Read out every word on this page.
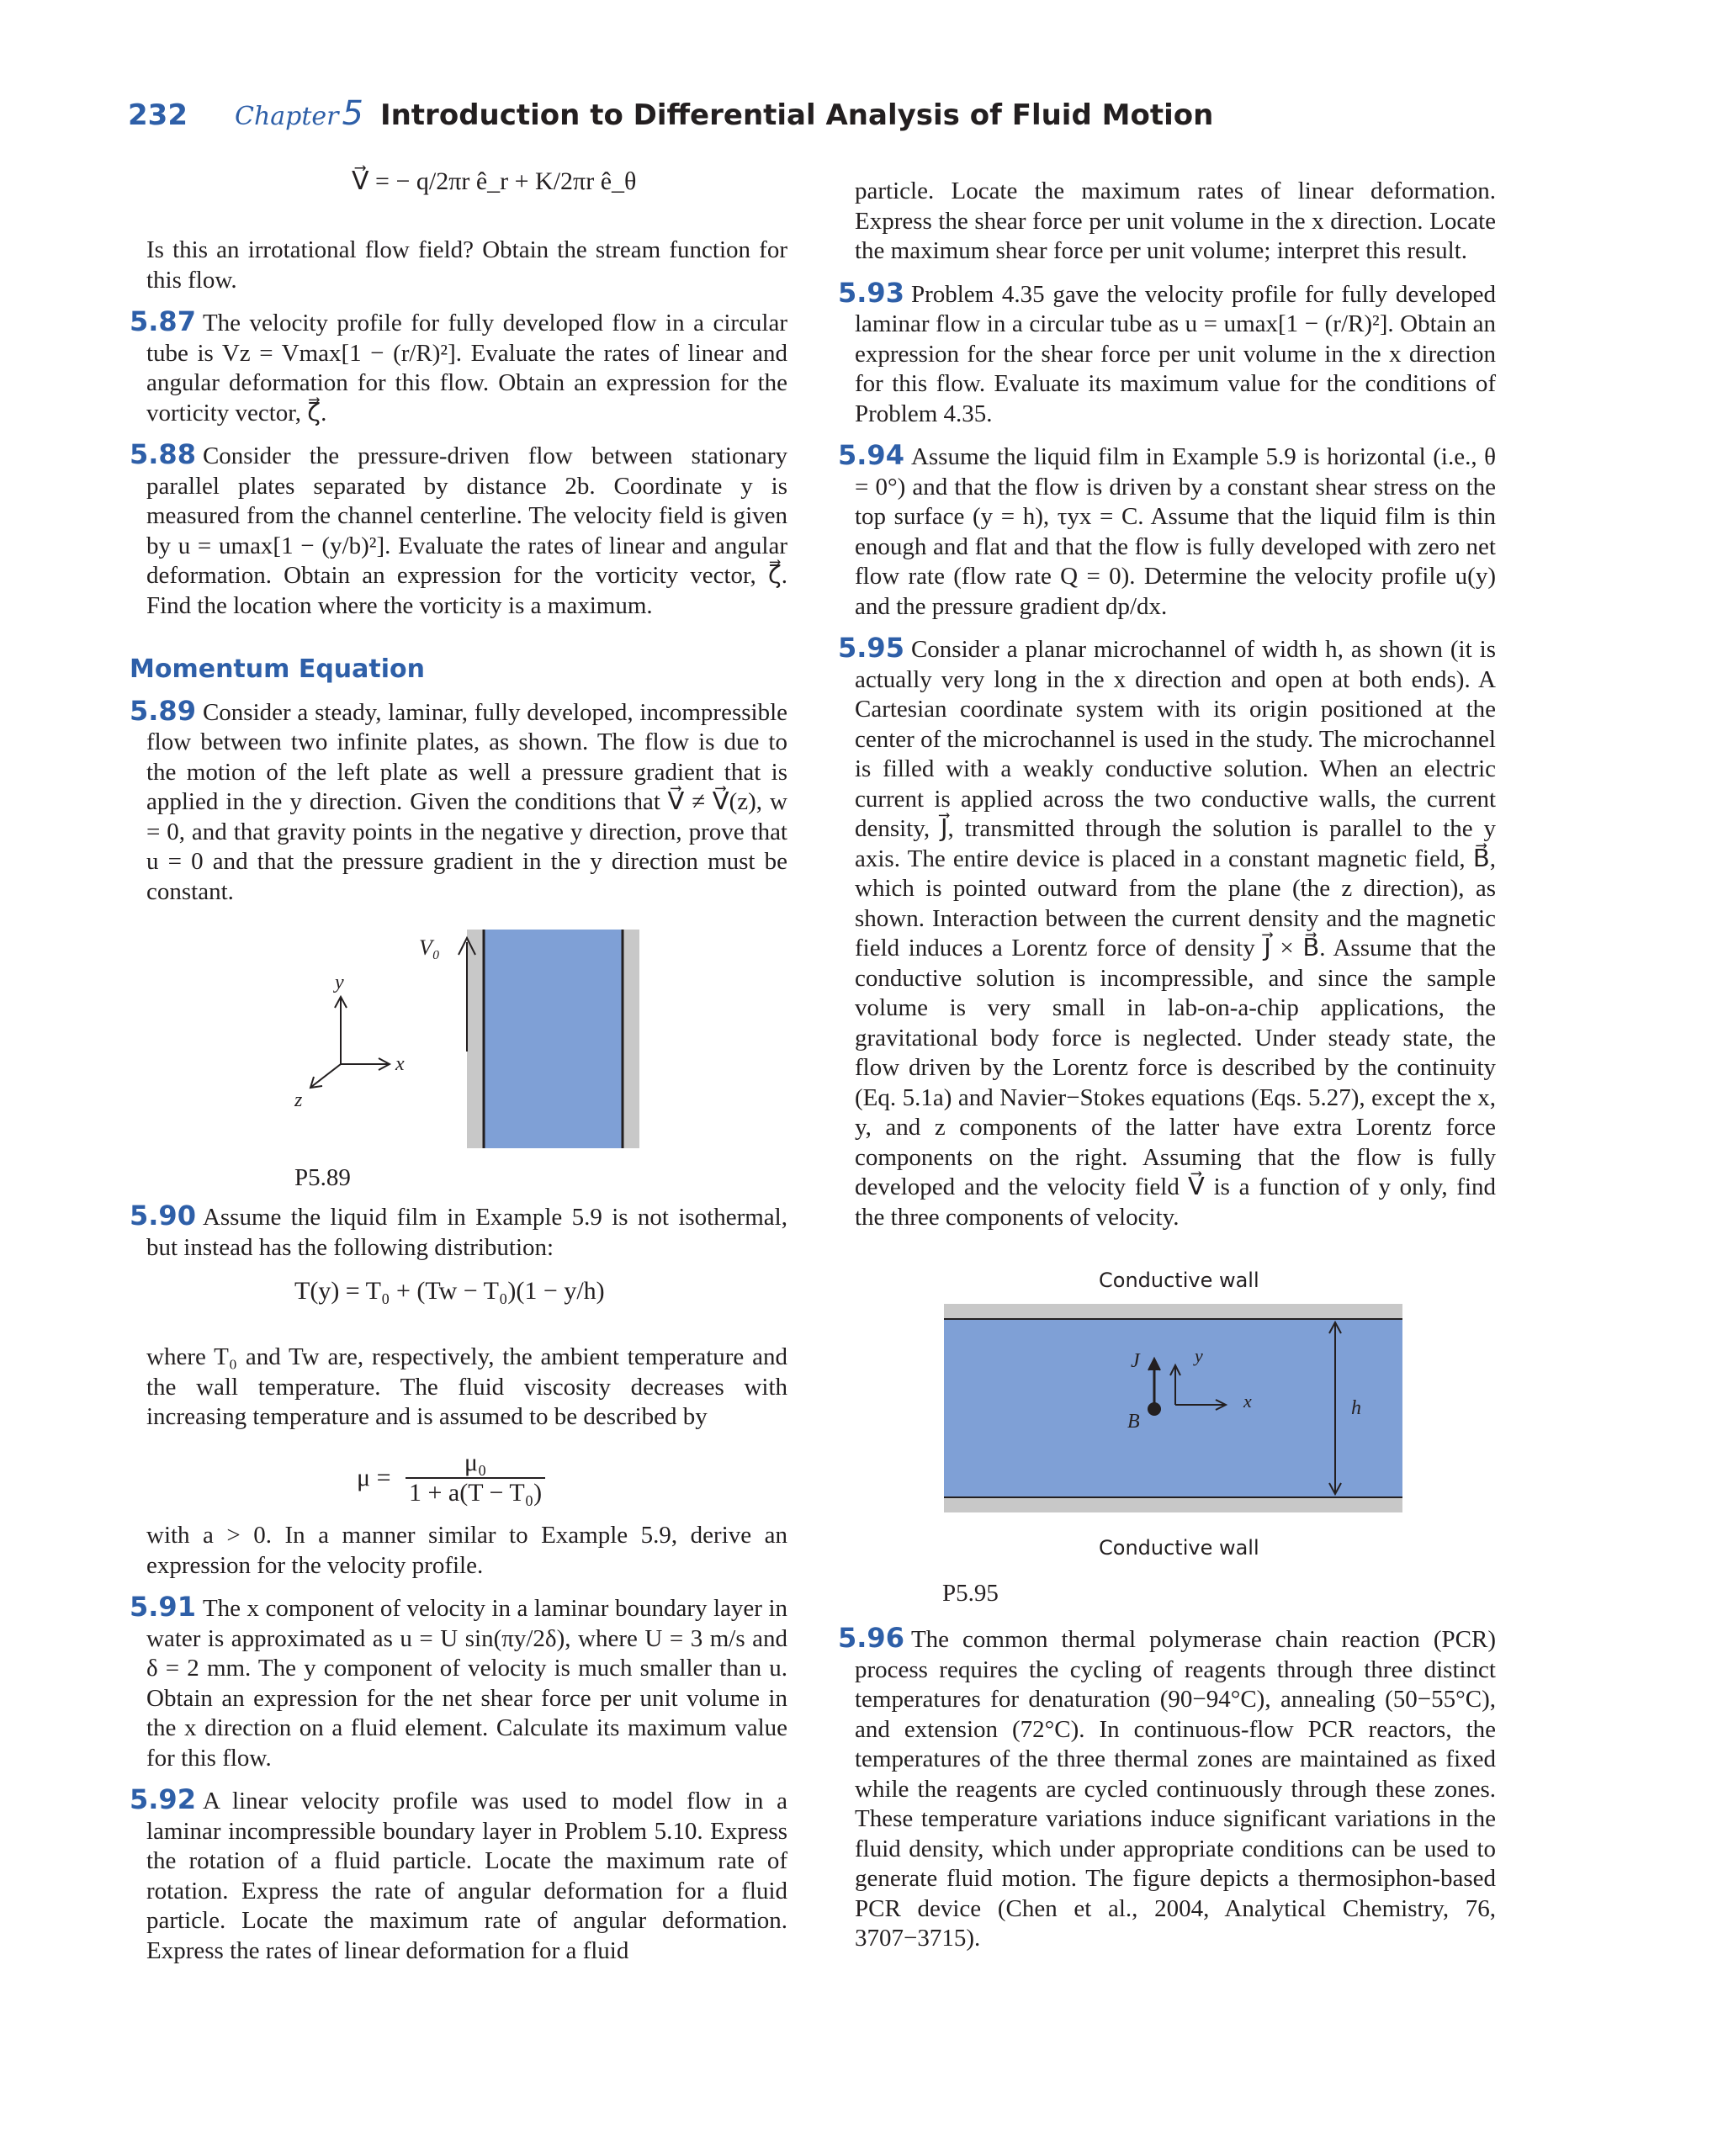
232 Chapter 5 Introduction to Differential Analysis of Fluid Motion
V⃗ = − q/2πr ê_r + K/2πr ê_θ

Is this an irrotational flow field? Obtain the stream function for this flow.

5.87 The velocity profile for fully developed flow in a circular tube is Vz = Vmax[1 − (r/R)²]. Evaluate the rates of linear and angular deformation for this flow. Obtain an expression for the vorticity vector, ζ⃗.

5.88 Consider the pressure-driven flow between stationary parallel plates separated by distance 2b. Coordinate y is measured from the channel centerline. The velocity field is given by u = umax[1 − (y/b)²]. Evaluate the rates of linear and angular deformation. Obtain an expression for the vorticity vector, ζ⃗. Find the location where the vorticity is a maximum.

Momentum Equation

5.89 Consider a steady, laminar, fully developed, incompressible flow between two infinite plates, as shown. The flow is due to the motion of the left plate as well a pressure gradient that is applied in the y direction. Given the conditions that V⃗ ≠ V⃗(z), w = 0, and that gravity points in the negative y direction, prove that u = 0 and that the pressure gradient in the y direction must be constant.

V₀
y
x
z
P5.89

5.90 Assume the liquid film in Example 5.9 is not isothermal, but instead has the following distribution:

T(y) = T₀ + (Tw − T₀)(1 − y/h)

where T₀ and Tw are, respectively, the ambient temperature and the wall temperature. The fluid viscosity decreases with increasing temperature and is assumed to be described by

$\mu = \frac{\text{μ₀}}{\text{1 + a(T − T₀)}}$

with a > 0. In a manner similar to Example 5.9, derive an expression for the velocity profile.

5.91 The x component of velocity in a laminar boundary layer in water is approximated as u = U sin(πy/2δ), where U = 3 m/s and δ = 2 mm. The y component of velocity is much smaller than u. Obtain an expression for the net shear force per unit volume in the x direction on a fluid element. Calculate its maximum value for this flow.

5.92 A linear velocity profile was used to model flow in a laminar incompressible boundary layer in Problem 5.10. Express the rotation of a fluid particle. Locate the maximum rate of rotation. Express the rate of angular deformation for a fluid particle. Locate the maximum rate of angular deformation. Express the rates of linear deformation for a fluid

particle. Locate the maximum rates of linear deformation. Express the shear force per unit volume in the x direction. Locate the maximum shear force per unit volume; interpret this result.

5.93 Problem 4.35 gave the velocity profile for fully developed laminar flow in a circular tube as u = umax[1 − (r/R)²]. Obtain an expression for the shear force per unit volume in the x direction for this flow. Evaluate its maximum value for the conditions of Problem 4.35.

5.94 Assume the liquid film in Example 5.9 is horizontal (i.e., θ = 0°) and that the flow is driven by a constant shear stress on the top surface (y = h), τyx = C. Assume that the liquid film is thin enough and flat and that the flow is fully developed with zero net flow rate (flow rate Q = 0). Determine the velocity profile u(y) and the pressure gradient dp/dx.

5.95 Consider a planar microchannel of width h, as shown (it is actually very long in the x direction and open at both ends). A Cartesian coordinate system with its origin positioned at the center of the microchannel is used in the study. The microchannel is filled with a weakly conductive solution. When an electric current is applied across the two conductive walls, the current density, J⃗, transmitted through the solution is parallel to the y axis. The entire device is placed in a constant magnetic field, B⃗, which is pointed outward from the plane (the z direction), as shown. Interaction between the current density and the magnetic field induces a Lorentz force of density J⃗ × B⃗. Assume that the conductive solution is incompressible, and since the sample volume is very small in lab-on-a-chip applications, the gravitational body force is neglected. Under steady state, the flow driven by the Lorentz force is described by the continuity (Eq. 5.1a) and Navier−Stokes equations (Eqs. 5.27), except the x, y, and z components of the latter have extra Lorentz force components on the right. Assuming that the flow is fully developed and the velocity field V⃗ is a function of y only, find the three components of velocity.

Conductive wall
J⃗
B⃗
y
x	h
Conductive wall
P5.95

5.96 The common thermal polymerase chain reaction (PCR) process requires the cycling of reagents through three distinct temperatures for denaturation (90−94°C), annealing (50−55°C), and extension (72°C). In continuous-flow PCR reactors, the temperatures of the three thermal zones are maintained as fixed while the reagents are cycled continuously through these zones. These temperature variations induce significant variations in the fluid density, which under appropriate conditions can be used to generate fluid motion. The figure depicts a thermosiphon-based PCR device (Chen et al., 2004, Analytical Chemistry, 76, 3707−3715).
